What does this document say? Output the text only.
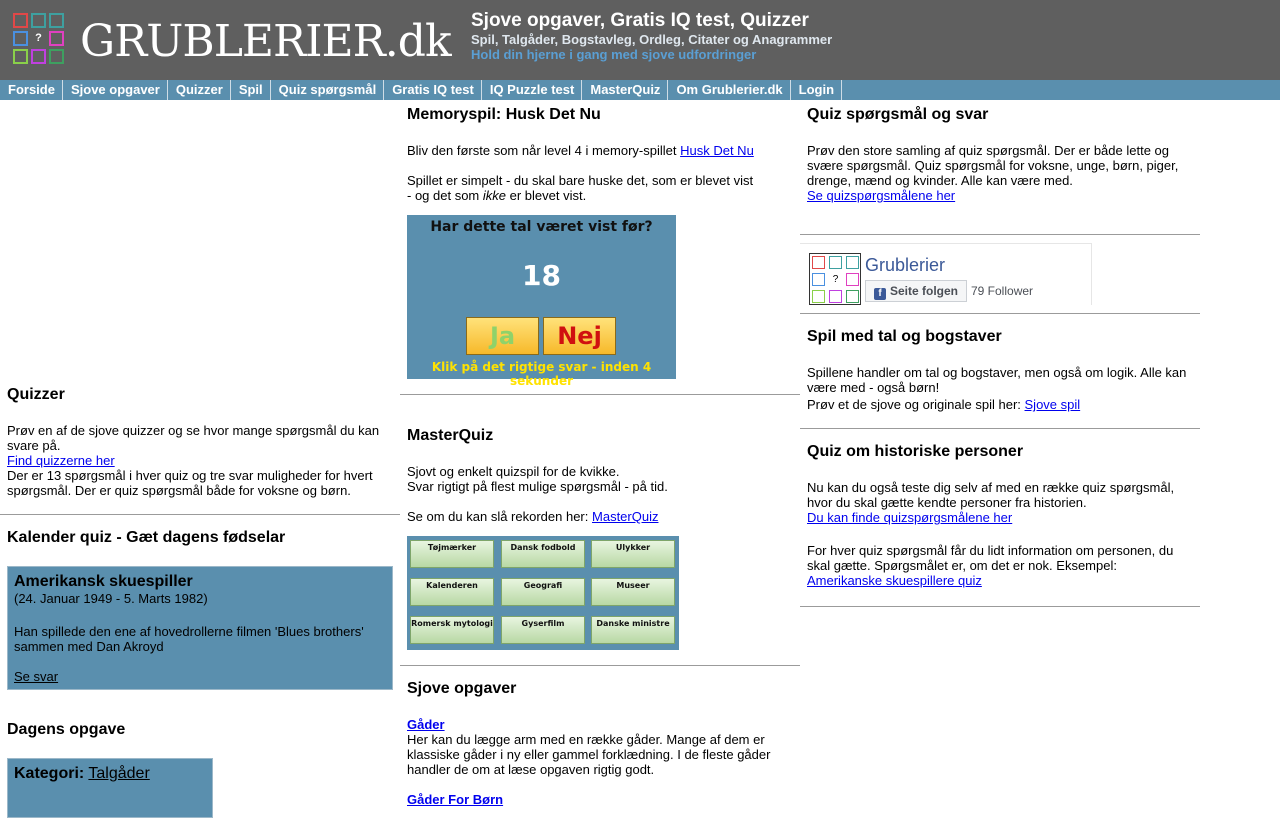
? GRUBLERIER.dk Sjove opgaver, Gratis IQ test, Quizzer
Spil, Talgåder, Bogstavleg, Ordleg, Citater og Anagrammer
Hold din hjerne i gang med sjove udfordringer
Forside	Sjove opgaver	Quizzer	Spil	Quiz spørgsmål	Gratis IQ test	IQ Puzzle test	MasterQuiz	Om Grublerier.dk	Login
Quizzer

Prøv en af de sjove quizzer og se hvor mange spørgsmål du kan svare på.

Find quizzerne her

Der er 13 spørgsmål i hver quiz og tre svar muligheder for hvert spørgsmål. Der er quiz spørgsmål både for voksne og børn.

Kalender quiz - Gæt dagens fødselar
Amerikansk skuespiller

(24. Januar 1949 - 5. Marts 1982)

Han spillede den ene af hovedrollerne filmen 'Blues brothers' sammen med Dan Akroyd

Se svar
Dagens opgave
Kategori: Talgåder
Memoryspil: Husk Det Nu

Bliv den første som når level 4 i memory-spillet Husk Det Nu

Spillet er simpelt - du skal bare huske det, som er blevet vist - og det som ikke er blevet vist.

Har dette tal været vist før?
18
Ja	Nej
Klik på det rigtige svar - inden 4 sekunder
MasterQuiz

Sjovt og enkelt quizspil for de kvikke.

Svar rigtigt på flest mulige spørgsmål - på tid.

Se om du kan slå rekorden her: MasterQuiz

Tøjmærker	Dansk fodbold	Ulykker
Kalenderen	Geografi	Museer
Romersk mytologi	Gyserfilm	Danske ministre
Sjove opgaver
Gåder

Her kan du lægge arm med en række gåder. Mange af dem er klassiske gåder i ny eller gammel forklædning. I de fleste gåder handler de om at læse opgaven rigtig godt.

Gåder For Børn
Quiz spørgsmål og svar

Prøv den store samling af quiz spørgsmål. Der er både lette og svære spørgsmål. Quiz spørgsmål for voksne, unge, børn, piger, drenge, mænd og kvinder. Alle kan være med.

Se quizspørgsmålene her
?
Grublerier
f Seite folgen	79 Follower
Spil med tal og bogstaver

Spillene handler om tal og bogstaver, men også om logik. Alle kan være med - også børn!

Prøv et de sjove og originale spil her: Sjove spil

Quiz om historiske personer

Nu kan du også teste dig selv af med en række quiz spørgsmål, hvor du skal gætte kendte personer fra historien.

Du kan finde quizspørgsmålene her

For hver quiz spørgsmål får du lidt information om personen, du skal gætte. Spørgsmålet er, om det er nok. Eksempel: Amerikanske skuespillere quiz
